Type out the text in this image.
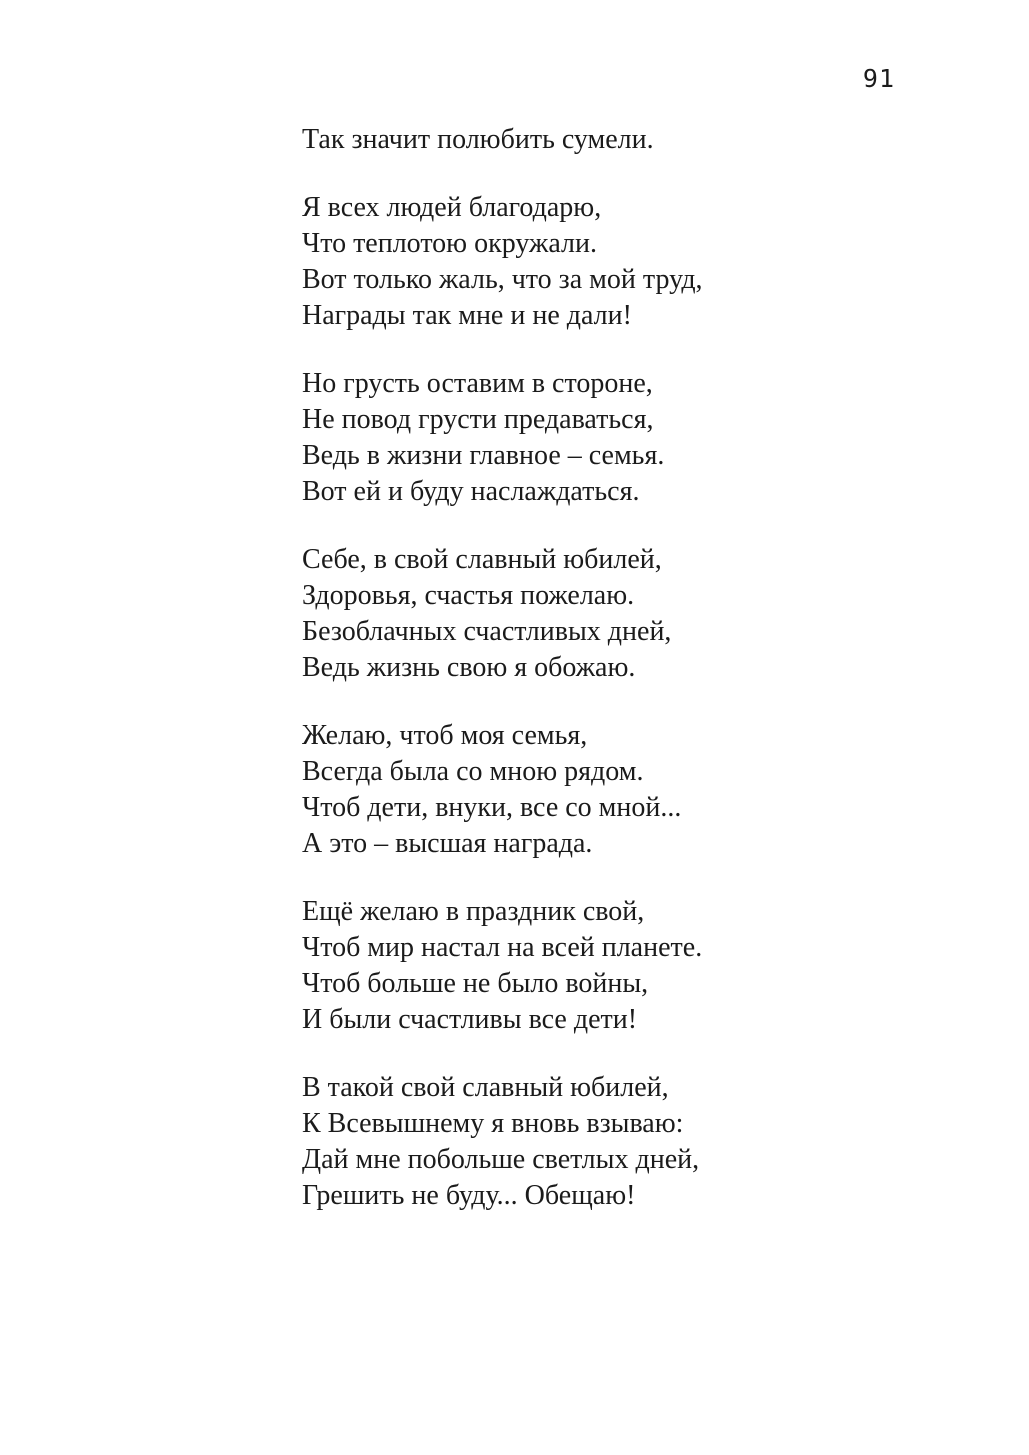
91
Так значит полюбить сумели.
Я всех людей благодарю,
Что теплотою окружали.
Вот только жаль, что за мой труд,
Награды так мне и не дали!
Но грусть оставим в стороне,
Не повод грусти предаваться,
Ведь в жизни главное – семья.
Вот ей и буду наслаждаться.
Себе, в свой славный юбилей,
Здоровья, счастья пожелаю.
Безоблачных счастливых дней,
Ведь жизнь свою я обожаю.
Желаю, чтоб моя семья,
Всегда была со мною рядом.
Чтоб дети, внуки, все со мной...
А это – высшая награда.
Ещё желаю в праздник свой,
Чтоб мир настал на всей планете.
Чтоб больше не было войны,
И были счастливы все дети!
В такой свой славный юбилей,
К Всевышнему я вновь взываю:
Дай мне побольше светлых дней,
Грешить не буду... Обещаю!
